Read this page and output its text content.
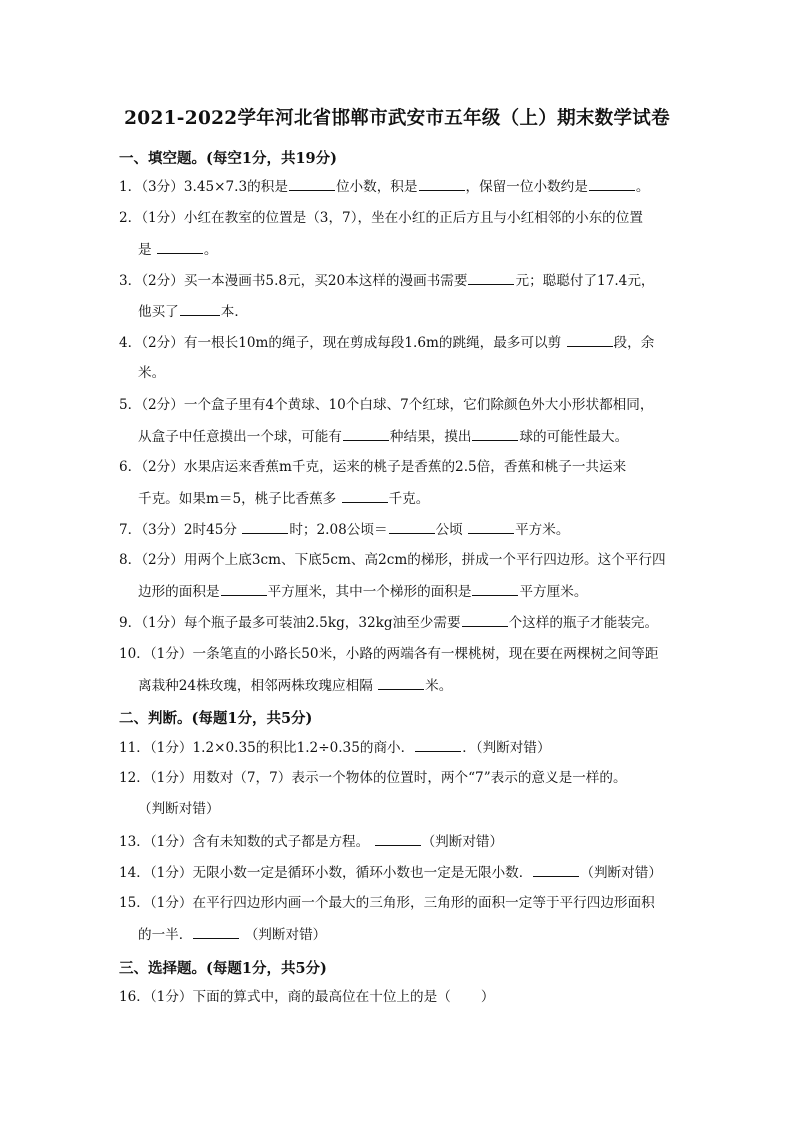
2021-2022学年河北省邯郸市武安市五年级（上）期末数学试卷
一、填空题。(每空1分，共19分)
1．（3分）3.45×7.3的积是	位小数，积是	，保留一位小数约是	。
2．（1分）小红在教室的位置是（3，7），坐在小红的正后方且与小红相邻的小东的位置
是	。
3．（2分）买一本漫画书5.8元，买20本这样的漫画书需要	元；聪聪付了17.4元，
他买了	本．
4．（2分）有一根长10m的绳子，现在剪成每段1.6m的跳绳，最多可以剪	段，余
米。
5．（2分）一个盒子里有4个黄球、10个白球、7个红球，它们除颜色外大小形状都相同，
从盒子中任意摸出一个球，可能有	种结果，摸出	球的可能性最大。
6．（2分）水果店运来香蕉m千克，运来的桃子是香蕉的2.5倍，香蕉和桃子一共运来
千克。如果m＝5，桃子比香蕉多	千克。
7．（3分）2时45分	时；2.08公顷＝	公顷	平方米。
8．（2分）用两个上底3cm、下底5cm、高2cm的梯形，拼成一个平行四边形。这个平行四
边形的面积是	平方厘米，其中一个梯形的面积是	平方厘米。
9．（1分）每个瓶子最多可装油2.5kg，32kg油至少需要	个这样的瓶子才能装完。
10．（1分）一条笔直的小路长50米，小路的两端各有一棵桃树，现在要在两棵树之间等距
离栽种24株玫瑰，相邻两株玫瑰应相隔	米。
二、判断。(每题1分，共5分)
11．（1分）1.2×0.35的积比1.2÷0.35的商小．	．（判断对错）
12．（1分）用数对（7，7）表示一个物体的位置时，两个“7”表示的意义是一样的。
（判断对错）
13．（1分）含有未知数的式子都是方程。	（判断对错）
14．（1分）无限小数一定是循环小数，循环小数也一定是无限小数．	（判断对错）
15．（1分）在平行四边形内画一个最大的三角形，三角形的面积一定等于平行四边形面积
的一半．	（判断对错）
三、选择题。(每题1分，共5分)
16．（1分）下面的算式中，商的最高位在十位上的是（ ）
